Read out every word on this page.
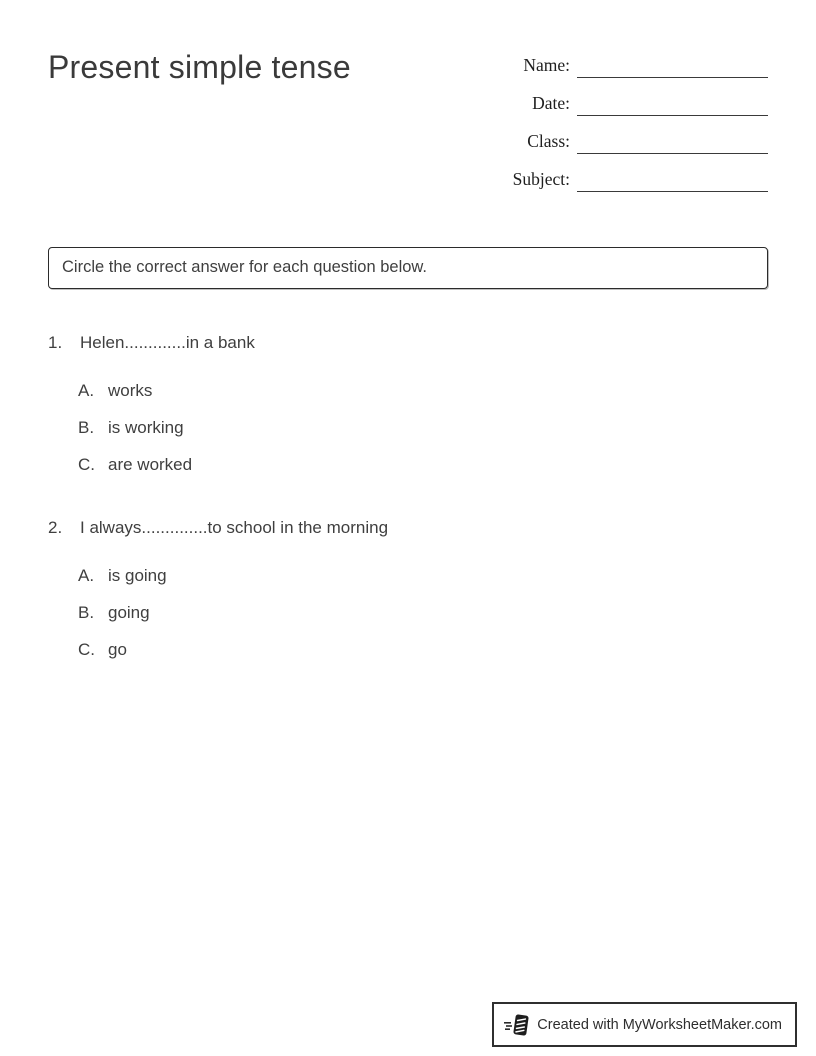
Present simple tense	Name:
Date:
Class:
Subject:
Circle the correct answer for each question below.
1.	Helen.............in a bank
A. works
B. is working
C. are worked
2.	I always..............to school in the morning
A. is going
B. going
C. go
Created with MyWorksheetMaker.com
